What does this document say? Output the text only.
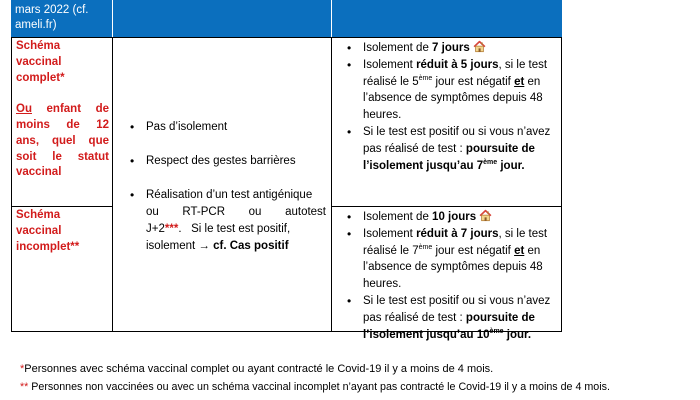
mars 2022 (cf.
ameli.fr)
Schéma
vaccinal
complet*
Ou enfant de
moins de 12
ans, quel que
soit le statut
vaccinal
Schéma
vaccinal
incomplet**
• Pas d’isolement
• Respect des gestes barrières
• Réalisation d’un test antigénique
ou RT-PCR ou autotest
J+2***.   Si le test est positif,
isolement → cf. Cas positif
• Isolement de 7 jours
• Isolement réduit à 5 jours, si le test
réalisé le 5ème jour est négatif et en
l’absence de symptômes depuis 48
heures.
• Si le test est positif ou si vous n’avez
pas réalisé de test : poursuite de
l’isolement jusqu’au 7ème jour.
• Isolement de 10 jours
• Isolement réduit à 7 jours, si le test
réalisé le 7ème jour est négatif et en
l’absence de symptômes depuis 48
heures.
• Si le test est positif ou si vous n’avez
pas réalisé de test : poursuite de
l’isolement jusqu’au 10ème jour.
*Personnes avec schéma vaccinal complet ou ayant contracté le Covid-19 il y a moins de 4 mois.
** Personnes non vaccinées ou avec un schéma vaccinal incomplet n’ayant pas contracté le Covid-19 il y a moins de 4 mois.
